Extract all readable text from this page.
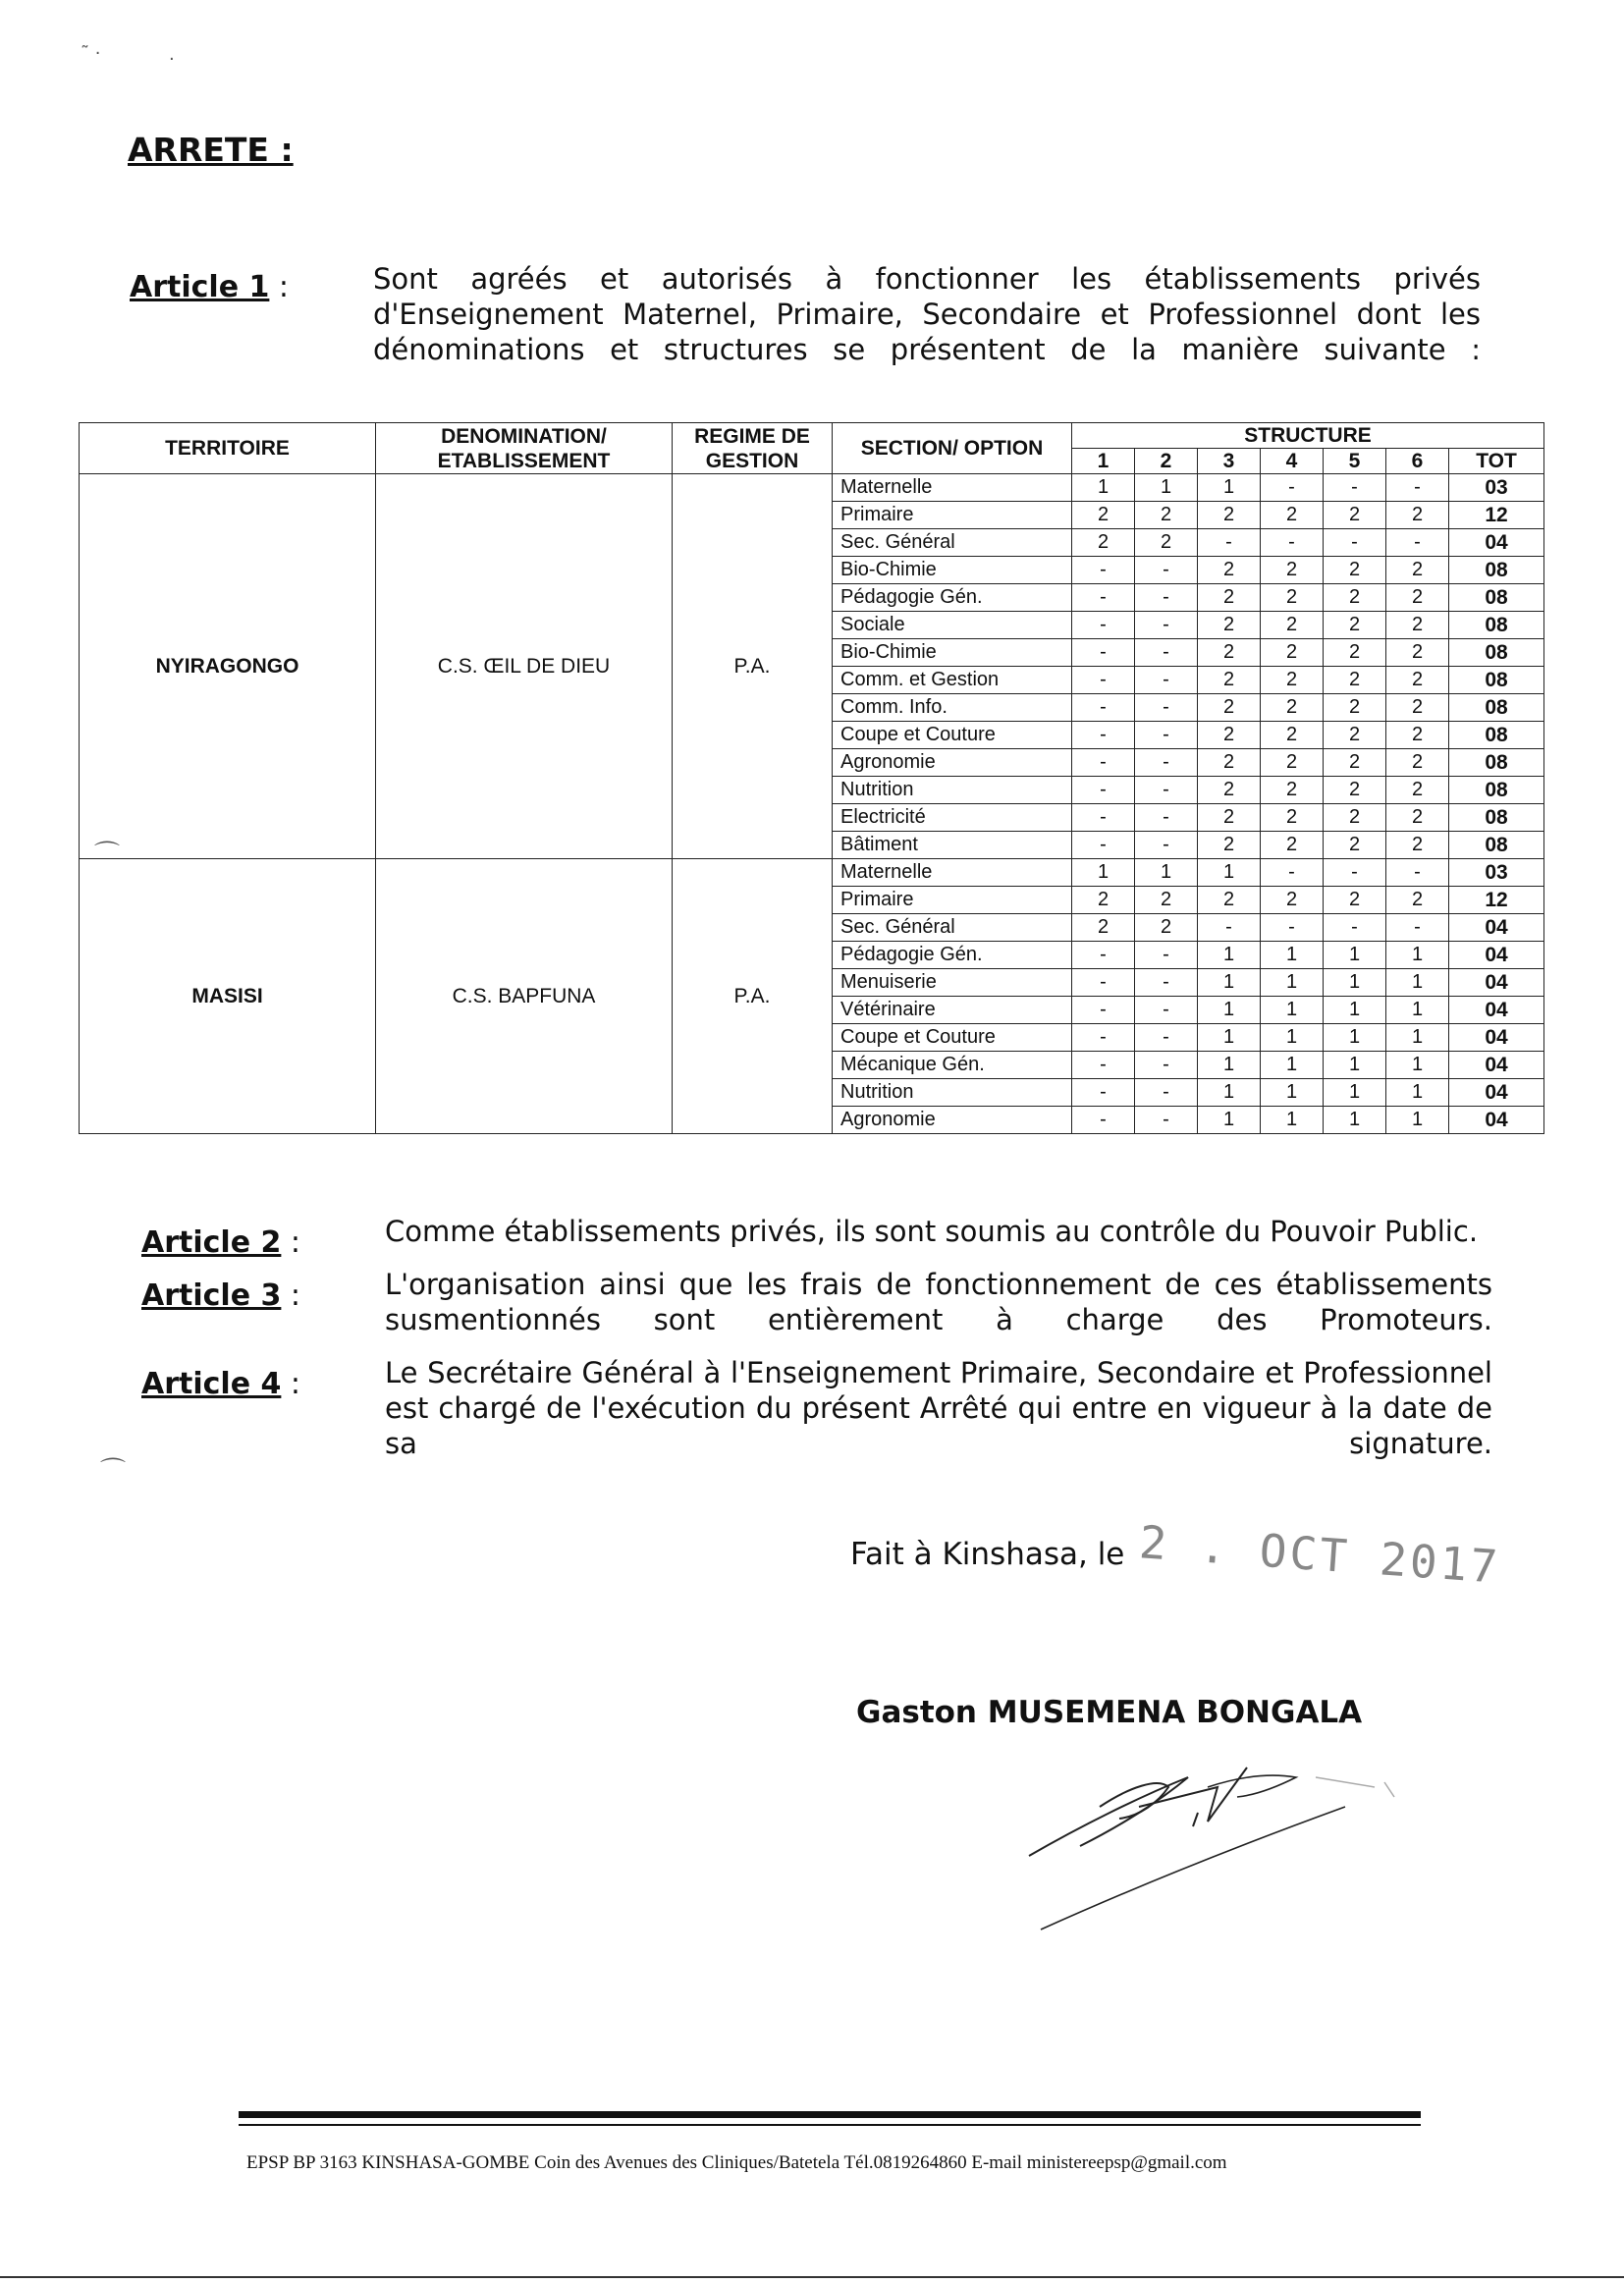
˜ ·	·
ARRETE :
Article 1 :	Sont agréés et autorisés à fonctionner les établissements privés d'Enseignement Maternel, Primaire, Secondaire et Professionnel dont les dénominations et structures se présentent de la manière suivante :
TERRITOIRE	DENOMINATION/ ETABLISSEMENT	REGIME DE GESTION	SECTION/ OPTION	STRUCTURE						
				1	2	3	4	5	6	TOT
NYIRAGONGO	C.S. ŒIL DE DIEU	P.A.	Maternelle	1	1	1	-	-	-	03
			Primaire	2	2	2	2	2	2	12
			Sec. Général	2	2	-	-	-	-	04
			Bio-Chimie	-	-	2	2	2	2	08
			Pédagogie Gén.	-	-	2	2	2	2	08
			Sociale	-	-	2	2	2	2	08
			Bio-Chimie	-	-	2	2	2	2	08
			Comm. et Gestion	-	-	2	2	2	2	08
			Comm. Info.	-	-	2	2	2	2	08
			Coupe et Couture	-	-	2	2	2	2	08
			Agronomie	-	-	2	2	2	2	08
			Nutrition	-	-	2	2	2	2	08
			Electricité	-	-	2	2	2	2	08
			Bâtiment	-	-	2	2	2	2	08
MASISI	C.S. BAPFUNA	P.A.	Maternelle	1	1	1	-	-	-	03
			Primaire	2	2	2	2	2	2	12
			Sec. Général	2	2	-	-	-	-	04
			Pédagogie Gén.	-	-	1	1	1	1	04
			Menuiserie	-	-	1	1	1	1	04
			Vétérinaire	-	-	1	1	1	1	04
			Coupe et Couture	-	-	1	1	1	1	04
			Mécanique Gén.	-	-	1	1	1	1	04
			Nutrition	-	-	1	1	1	1	04
			Agronomie	-	-	1	1	1	1	04
⌒
⌒
Article 2 :	Comme établissements privés, ils sont soumis au contrôle du Pouvoir Public.
Article 3 :	L'organisation ainsi que les frais de fonctionnement de ces établissements susmentionnés sont entièrement à charge des Promoteurs.
Article 4 :	Le Secrétaire Général à l'Enseignement Primaire, Secondaire et Professionnel est chargé de l'exécution du présent Arrêté qui entre en vigueur à la date de sa signature.
Fait à Kinshasa, le 2 . OCT 2017
Gaston MUSEMENA BONGALA
EPSP BP 3163 KINSHASA-GOMBE Coin des Avenues des Cliniques/Batetela Tél.0819264860 E-mail ministereepsp@gmail.com
